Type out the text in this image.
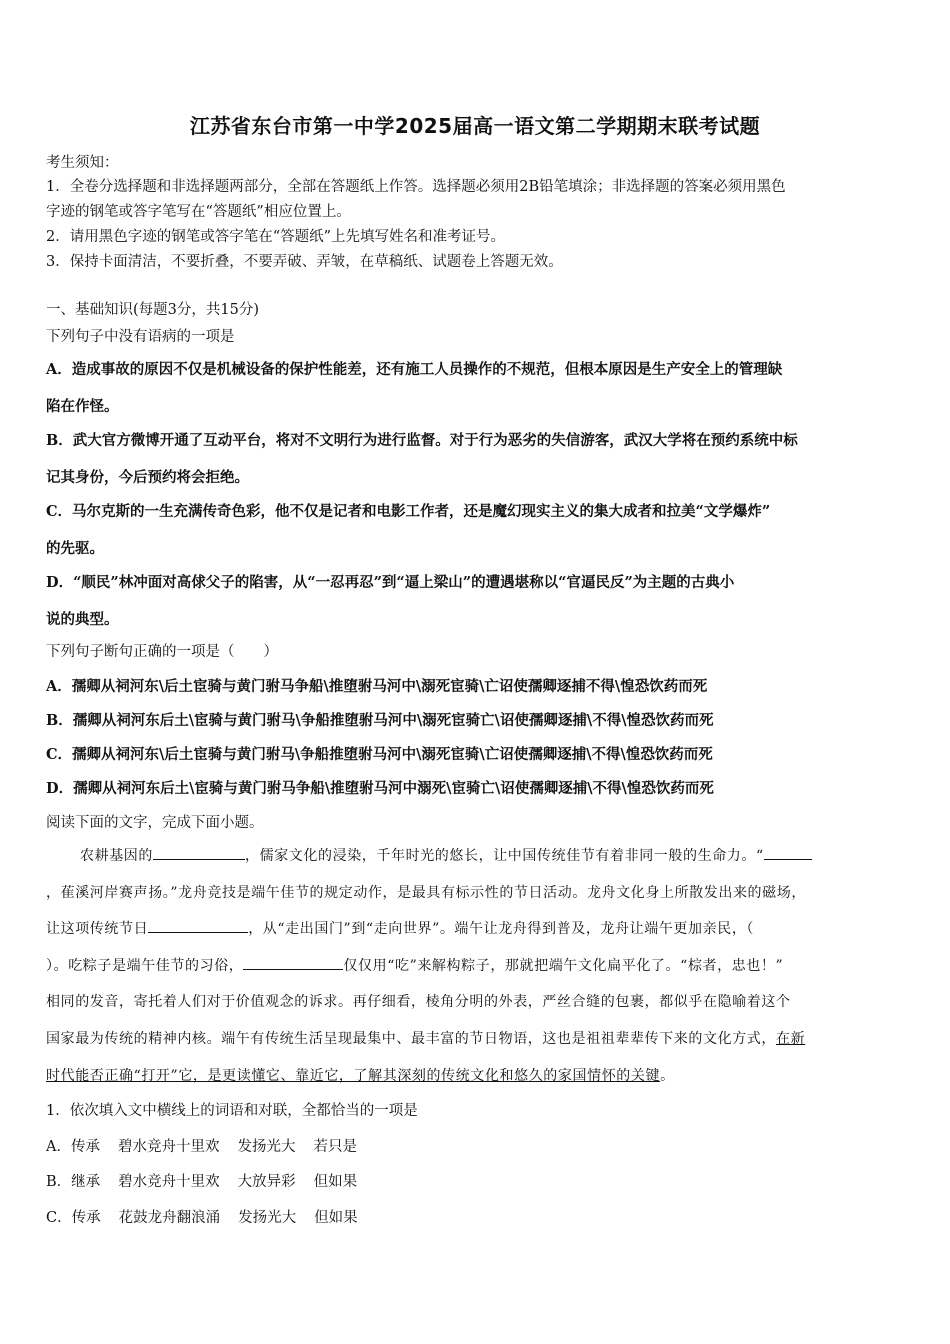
江苏省东台市第一中学2025届高一语文第二学期期末联考试题
考生须知：
1．全卷分选择题和非选择题两部分，全部在答题纸上作答。选择题必须用2B铅笔填涂；非选择题的答案必须用黑色
字迹的钢笔或答字笔写在“答题纸”相应位置上。
2．请用黑色字迹的钢笔或答字笔在“答题纸”上先填写姓名和准考证号。
3．保持卡面清洁，不要折叠，不要弄破、弄皱，在草稿纸、试题卷上答题无效。
一、基础知识(每题3分，共15分)
下列句子中没有语病的一项是
A．造成事故的原因不仅是机械设备的保护性能差，还有施工人员操作的不规范，但根本原因是生产安全上的管理缺
陷在作怪。
B．武大官方微博开通了互动平台，将对不文明行为进行监督。对于行为恶劣的失信游客，武汉大学将在预约系统中标
记其身份，今后预约将会拒绝。
C．马尔克斯的一生充满传奇色彩，他不仅是记者和电影工作者，还是魔幻现实主义的集大成者和拉美“文学爆炸”
的先驱。
D．“顺民”林冲面对高俅父子的陷害，从“一忍再忍”到“逼上梁山”的遭遇堪称以“官逼民反”为主题的古典小
说的典型。
下列句子断句正确的一项是（　　）
A．孺卿从祠河东\后土宦骑与黄门驸马争船\推堕驸马河中\溺死宦骑\亡诏使孺卿逐捕不得\惶恐饮药而死
B．孺卿从祠河东后土\宦骑与黄门驸马\争船推堕驸马河中\溺死宦骑亡\诏使孺卿逐捕\不得\惶恐饮药而死
C．孺卿从祠河东\后土宦骑与黄门驸马\争船推堕驸马河中\溺死宦骑\亡诏使孺卿逐捕\不得\惶恐饮药而死
D．孺卿从祠河东后土\宦骑与黄门驸马争船\推堕驸马河中溺死\宦骑亡\诏使孺卿逐捕\不得\惶恐饮药而死
阅读下面的文字，完成下面小题。
农耕基因的	，儒家文化的浸染，千年时光的悠长，让中国传统佳节有着非同一般的生命力。“
，萑溪河岸赛声扬。”龙舟竞技是端午佳节的规定动作，是最具有标示性的节日活动。龙舟文化身上所散发出来的磁场，
让这项传统节日	，从“走出国门”到“走向世界”。端午让龙舟得到普及，龙舟让端午更加亲民，（
）。吃粽子是端午佳节的习俗，	仅仅用“吃”来解构粽子，那就把端午文化扁平化了。“棕者，忠也！”
相同的发音，寄托着人们对于价值观念的诉求。再仔细看，棱角分明的外表，严丝合缝的包裹，都似乎在隐喻着这个
国家最为传统的精神内核。端午有传统生活呈现最集中、最丰富的节日物语，这也是祖祖辈辈传下来的文化方式，在新
时代能否正确“打开”它，是更读懂它、靠近它，了解其深刻的传统文化和悠久的家国情怀的关键。
1．依次填入文中横线上的词语和对联，全都恰当的一项是
A．传承 碧水竞舟十里欢 发扬光大 若只是
B．继承 碧水竞舟十里欢 大放异彩 但如果
C．传承 花鼓龙舟翻浪涌 发扬光大 但如果
